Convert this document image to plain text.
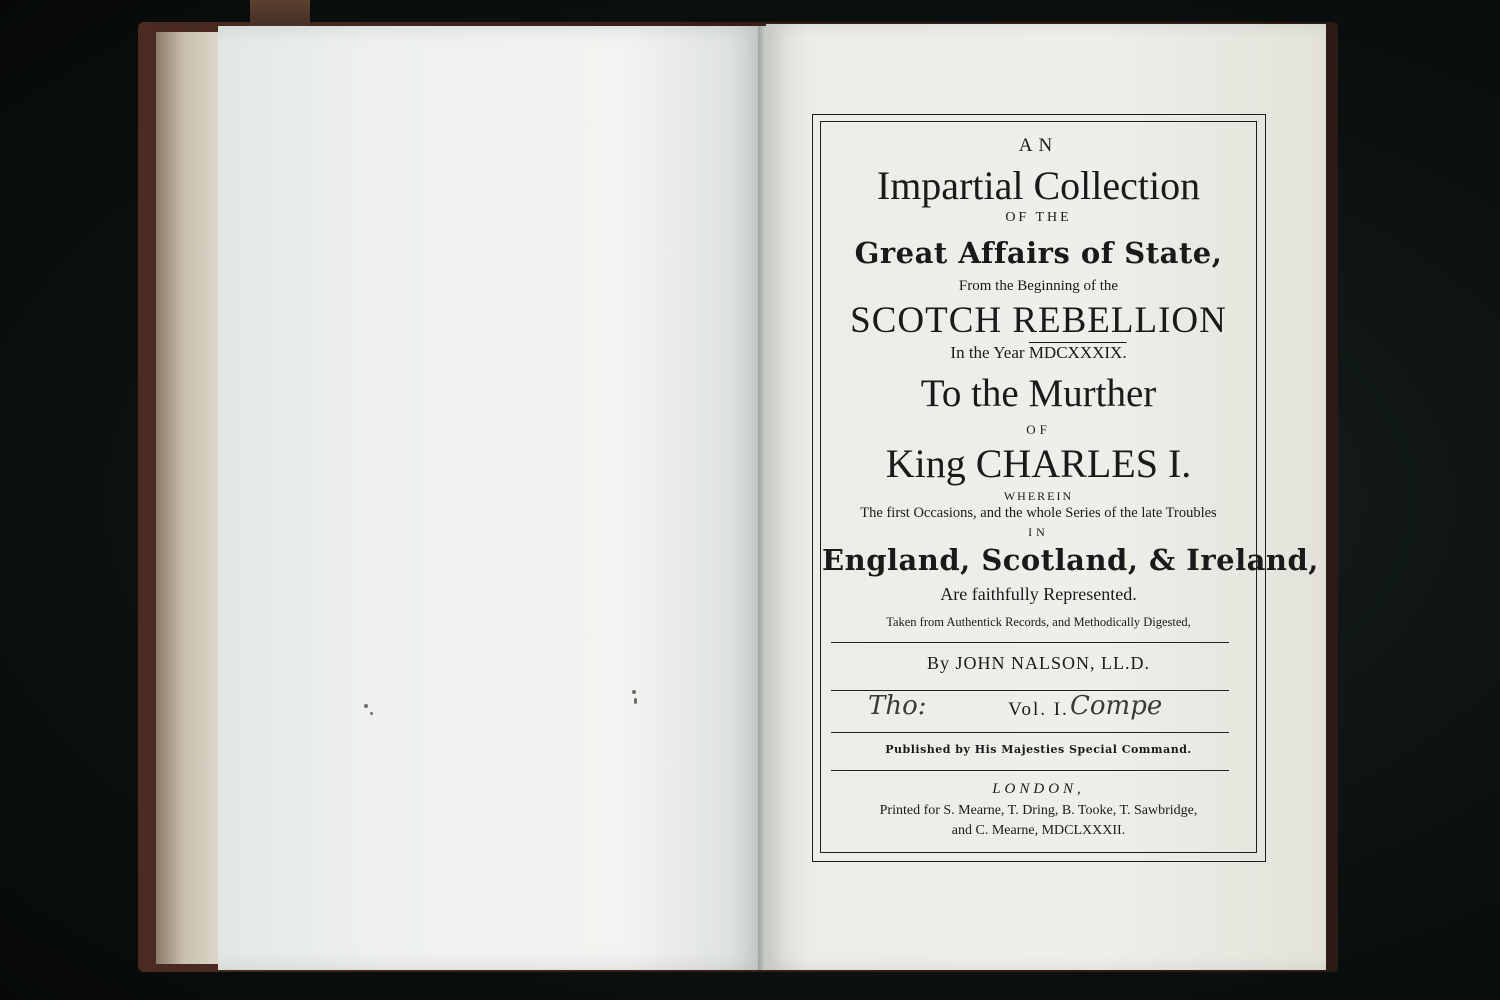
AN
Impartial Collection
OF THE
Great Affairs of State,
From the Beginning of the
SCOTCH REBELLION
In the Year MDCXXXIX.
To the Murther
OF
King CHARLES I.
WHEREIN
The first Occasions, and the whole Series of the late Troubles
IN
England, Scotland, & Ireland,
Are faithfully Represented.
Taken from Authentick Records, and Methodically Digested,
By JOHN NALSON, LL.D.
Vol. I.
Tho:	Compe
Published by His Majesties Special Command.
LONDON,
Printed for S. Mearne, T. Dring, B. Tooke, T. Sawbridge,
and C. Mearne, MDCLXXXII.
